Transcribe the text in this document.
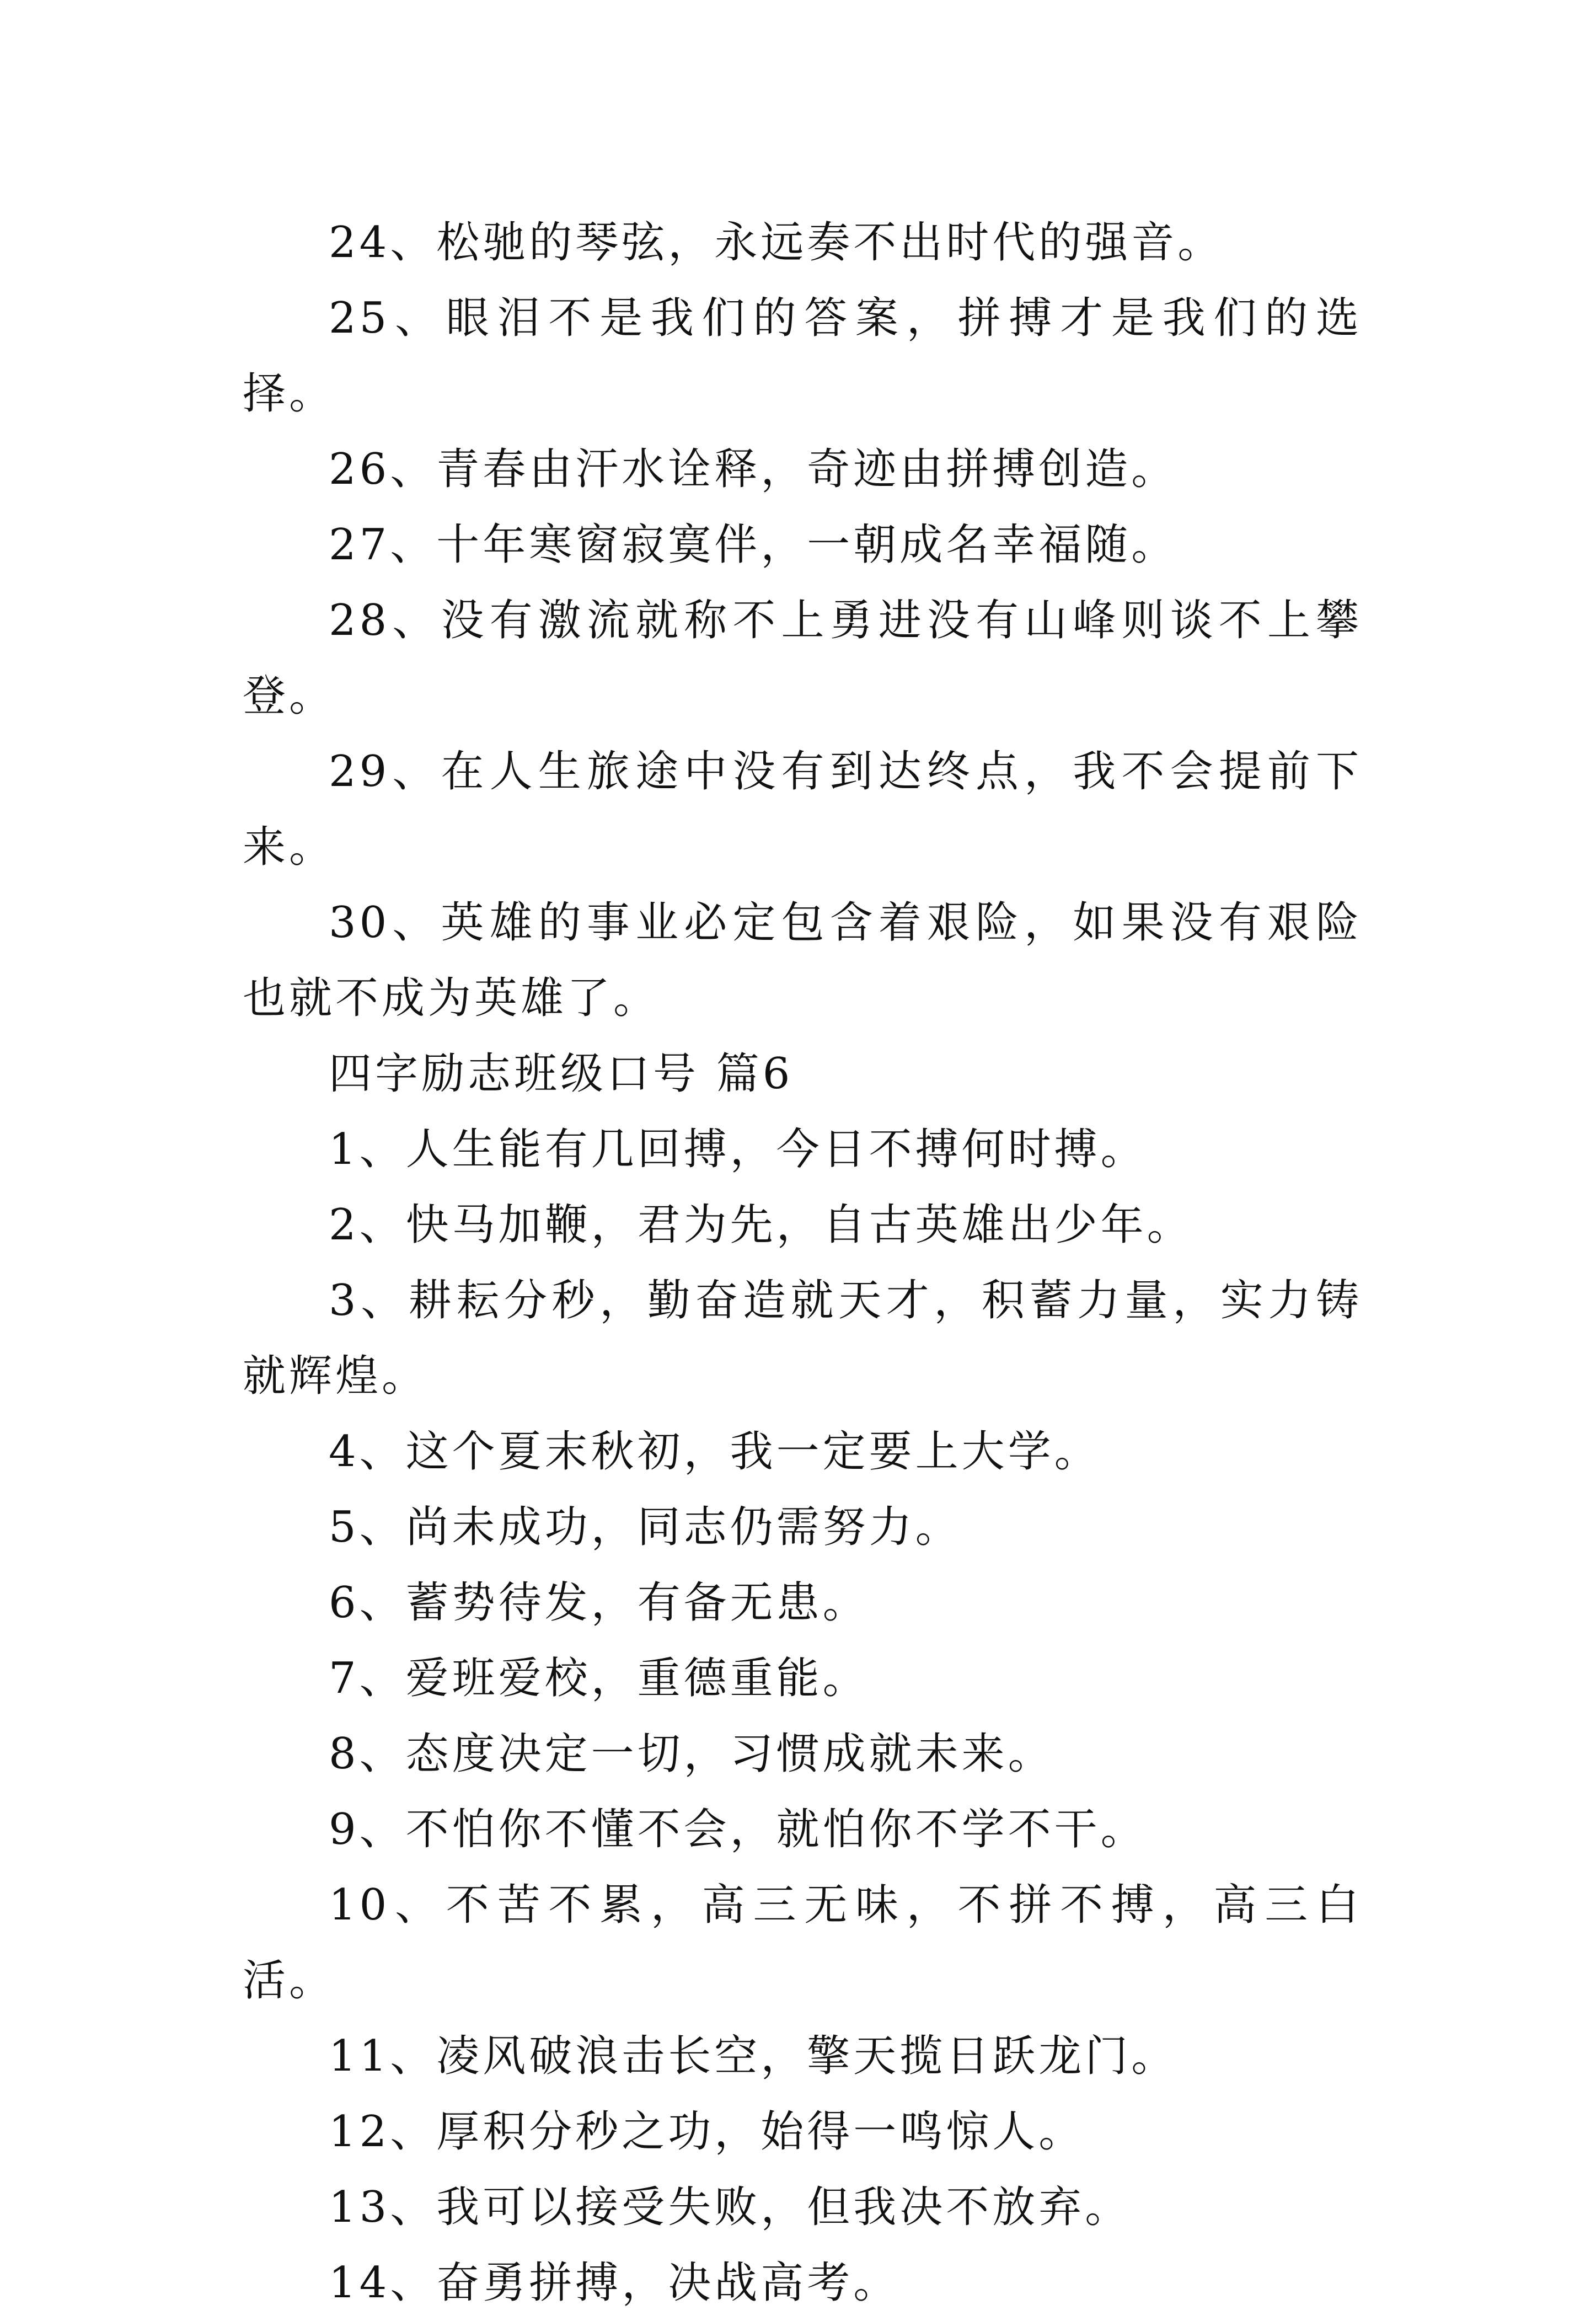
24、松驰的琴弦，永远奏不出时代的强音。

25、眼泪不是我们的答案，拼搏才是我们的选择。

26、青春由汗水诠释，奇迹由拼搏创造。

27、十年寒窗寂寞伴，一朝成名幸福随。

28、没有激流就称不上勇进没有山峰则谈不上攀登。

29、在人生旅途中没有到达终点，我不会提前下来。

30、英雄的事业必定包含着艰险，如果没有艰险也就不成为英雄了。

四字励志班级口号 篇6

1、人生能有几回搏，今日不搏何时搏。

2、快马加鞭，君为先，自古英雄出少年。

3、耕耘分秒，勤奋造就天才，积蓄力量，实力铸就辉煌。

4、这个夏末秋初，我一定要上大学。

5、尚未成功，同志仍需努力。

6、蓄势待发，有备无患。

7、爱班爱校，重德重能。

8、态度决定一切，习惯成就未来。

9、不怕你不懂不会，就怕你不学不干。

10、不苦不累，高三无味，不拼不搏，高三白活。

11、凌风破浪击长空，擎天揽日跃龙门。

12、厚积分秒之功，始得一鸣惊人。

13、我可以接受失败，但我决不放弃。

14、奋勇拼搏，决战高考。
